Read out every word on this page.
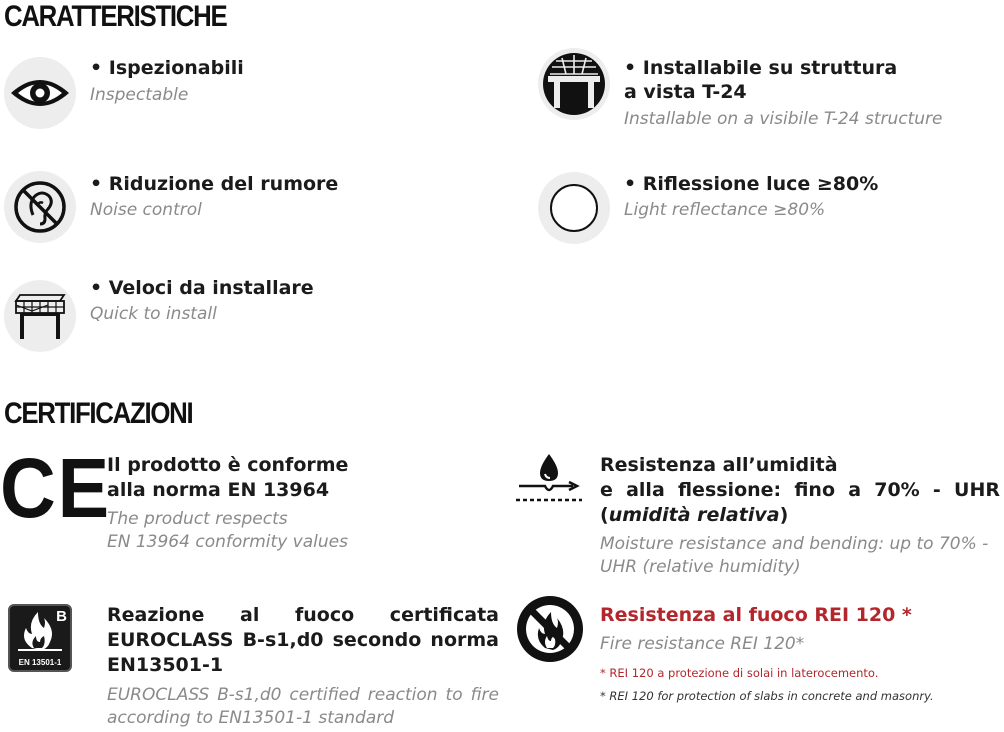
CARATTERISTICHE
• Ispezionabili
Inspectable
• Installabile su struttura
a vista T-24
Installable on a visibile T-24 structure
• Riduzione del rumore
Noise control
• Riflessione luce ≥80%
Light reflectance ≥80%
• Veloci da installare
Quick to install
CERTIFICAZIONI
CE
Il prodotto è conforme
alla norma EN 13964
The product respects
EN 13964 conformity values
Resistenza all’umidità
e alla flessione: fino a 70% - UHR
(umidità relativa)
Moisture resistance and bending: up to 70% -
UHR (relative humidity)
B
EN 13501-1
Reazione al fuoco certificata
EUROCLASS B-s1,d0 secondo norma
EN13501-1
EUROCLASS B-s1,d0 certified reaction to fire
according to EN13501-1 standard
Resistenza al fuoco REI 120 *
Fire resistance REI 120*
* REI 120 a protezione di solai in laterocemento.
* REI 120 for protection of slabs in concrete and masonry.
